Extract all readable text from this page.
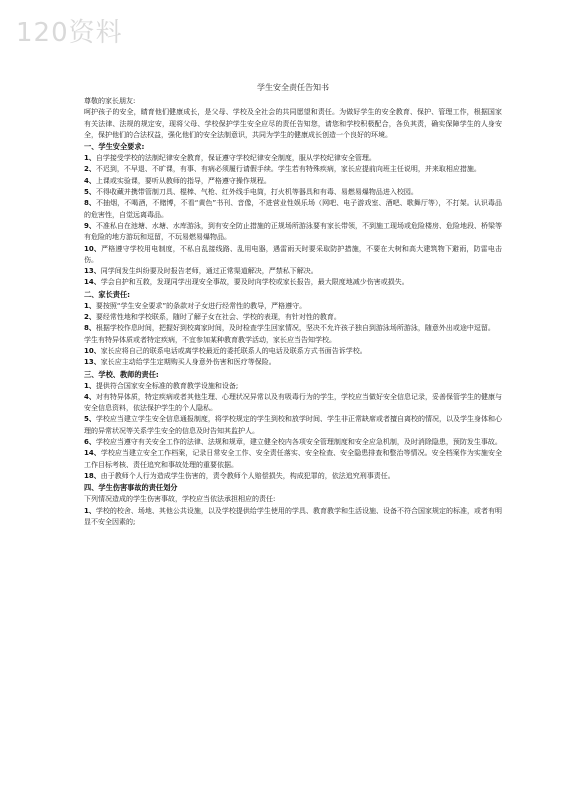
120资料
学生安全责任告知书

尊敬的家长朋友:

呵护孩子的安全，睛育他们健康成长，是父母、学校及全社会的共同愿望和责任。为做好学生的安全教育、保护、管理工作，根据国家有关法律、法规的规定安，现将父母、学校保护学生安全应尽的责任告知您，请您和学校积极配合，各负其责，确实保障学生的人身安全，保护他们的合法权益，强化他们的安全法制意识，共同为学生的健康成长创造一个良好的环境。

一、学生安全要求:

1、自学接受学校的法制纪律安全教育，保证遵守学校纪律安全制度，服从学校纪律安全管理。

2、不迟到，不早退、不旷课，有事、有病必须履行请假手续。学生若有特殊疾病，家长应提前向班主任说明，并来取相应措施。

4、上课或实验课，要听从教师的指导，严格遵守操作规程。

5、不得收藏并携带管制刀具、棍棒、气枪、红外线手电筒，打火机等器具和有毒、易燃易爆物品进入校园。

8、不抽烟，不喝酒，不赌博，不看“黄色”书刊、音像，不进营业性娱乐场（网吧、电子游戏室、酒吧、歌舞厅等），不打架。认识毒品的危害性，自觉远离毒品。

9、不准私自在池塘、水塘、水库游泳，到有安全防止措施的正规场所游泳要有家长带领，不到施工现场或危险楼房、危险地段、桥梁等有危险的地方游玩和逗留，不玩易燃易爆物品。

10、严格遵守学校用电制度，不私自乱接线路、乱用电器，遇雷雨天时要采取防护措施，不要在大树和高大建筑物下避雨，防雷电击伤。

13、同学间发生纠纷要及时报告老师，通过正常渠道解决，严禁私下解决。

14、学会自护和互救，发现同学出现安全事故，要及时向学校或家长报告，最大限度地减少伤害或损失。

二、家长责任:

1、要按照“学生安全要求”的条款对子女进行经常性的教导，严格遵守。

2、要经常性地和学校联系，随时了解子女在社会、学校的表现，有针对性的教育。

8、根据学校作息时间，把握好到校离家时间，及时检查学生回家情况，坚决不允许孩子独自到游泳场所游泳，随意外出或途中逗留。

学生有特异体质或者特定疾病，不宜参加某种教育教学活动，家长应当告知学校。

10、家长应将自己的联系电话或离学校最近的委托联系人的电话及联系方式书面告诉学校。

13、家长应主动给学生定期购买人身意外伤害和医疗等保险。

三、学校、教师的责任:

1、提供符合国家安全标准的教育教学设施和设备;

4、对有特异体质，特定疾病或者其他生理、心理状况异常以及有吸毒行为的学生，学校应当做好安全信息记录，妥善保管学生的健康与安全信息资料，依法保护学生的个人隐私。

5、学校应当建立学生安全信息通报制度，将学校规定的学生到校和放学时间、学生非正常缺席或者擅自离校的情况，以及学生身体和心理的异常状况等关系学生安全的信息及时告知其监护人。

6、学校应当遵守有关安全工作的法律、法规和规章，建立健全校内各项安全管理制度和安全应急机制，及时消除隐患，预防发生事故。

14、学校应当建立安全工作档案，记录日常安全工作、安全责任落实、安全检查、安全隐患排查和整治等情况。安全档案作为实施安全工作目标考核、责任追究和事故处理的重要依据。

18、由于教师个人行为造成学生伤害的，责令教师个人赔偿损失，构成犯罪的，依法追究刑事责任。

四、学生伤害事故的责任划分

下列情况造成的学生伤害事故，学校应当依法承担相应的责任:

1、学校的校舍、场地、其他公共设施，以及学校提供给学生使用的学具、教育教学和生活设施、设备不符合国家规定的标准，或者有明显不安全因素的;
